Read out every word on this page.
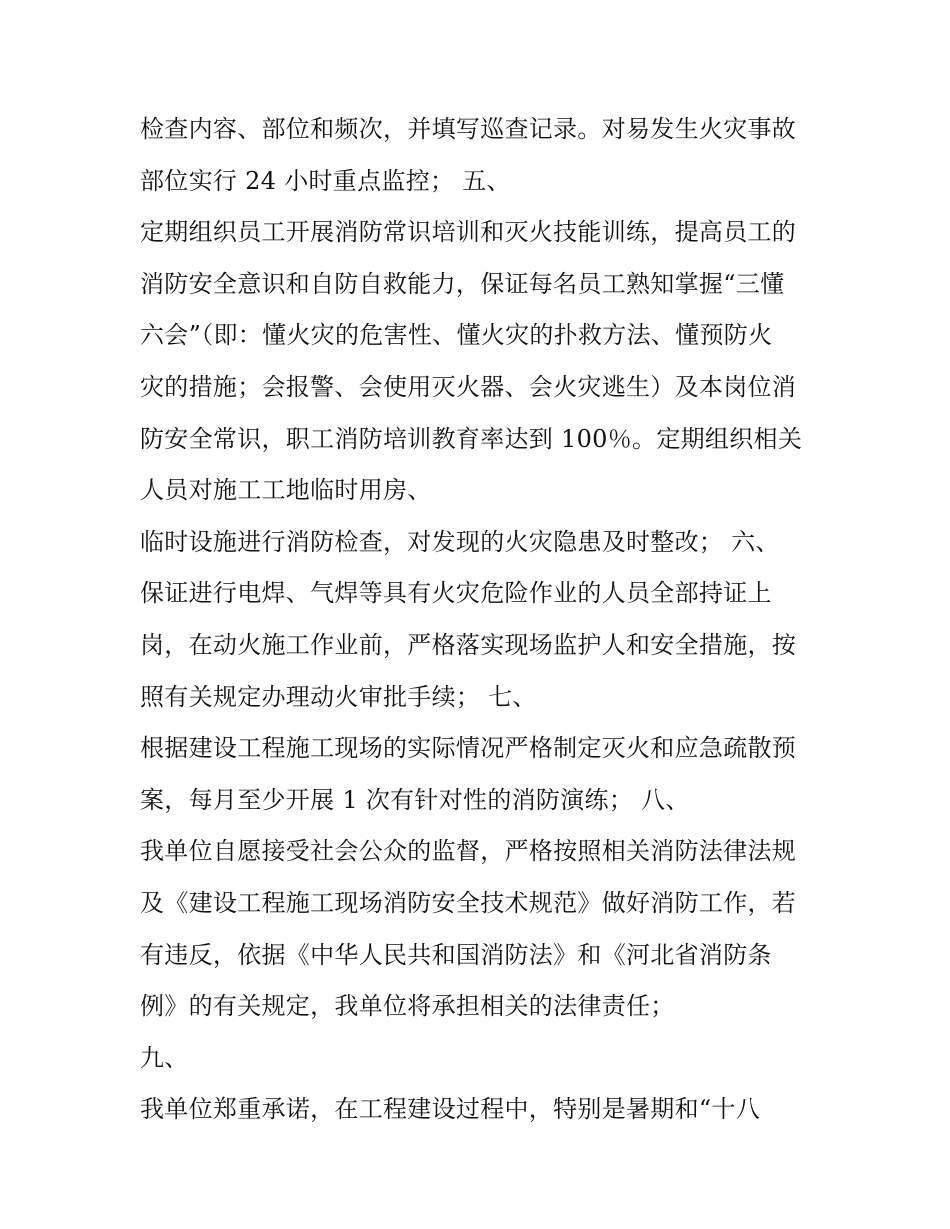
检查内容、部位和频次，并填写巡查记录。对易发生火灾事故
部位实行 24 小时重点监控； 五、
定期组织员工开展消防常识培训和灭火技能训练，提高员工的
消防安全意识和自防自救能力，保证每名员工熟知掌握“三懂
六会”（即：懂火灾的危害性、懂火灾的扑救方法、懂预防火
灾的措施；会报警、会使用灭火器、会火灾逃生）及本岗位消
防安全常识，职工消防培训教育率达到 100％。定期组织相关
人员对施工工地临时用房、
临时设施进行消防检查，对发现的火灾隐患及时整改； 六、
保证进行电焊、气焊等具有火灾危险作业的人员全部持证上
岗，在动火施工作业前，严格落实现场监护人和安全措施，按
照有关规定办理动火审批手续； 七、
根据建设工程施工现场的实际情况严格制定灭火和应急疏散预
案，每月至少开展 1 次有针对性的消防演练； 八、
我单位自愿接受社会公众的监督，严格按照相关消防法律法规
及《建设工程施工现场消防安全技术规范》做好消防工作，若
有违反，依据《中华人民共和国消防法》和《河北省消防条
例》的有关规定，我单位将承担相关的法律责任；
九、
我单位郑重承诺，在工程建设过程中，特别是暑期和“十八
